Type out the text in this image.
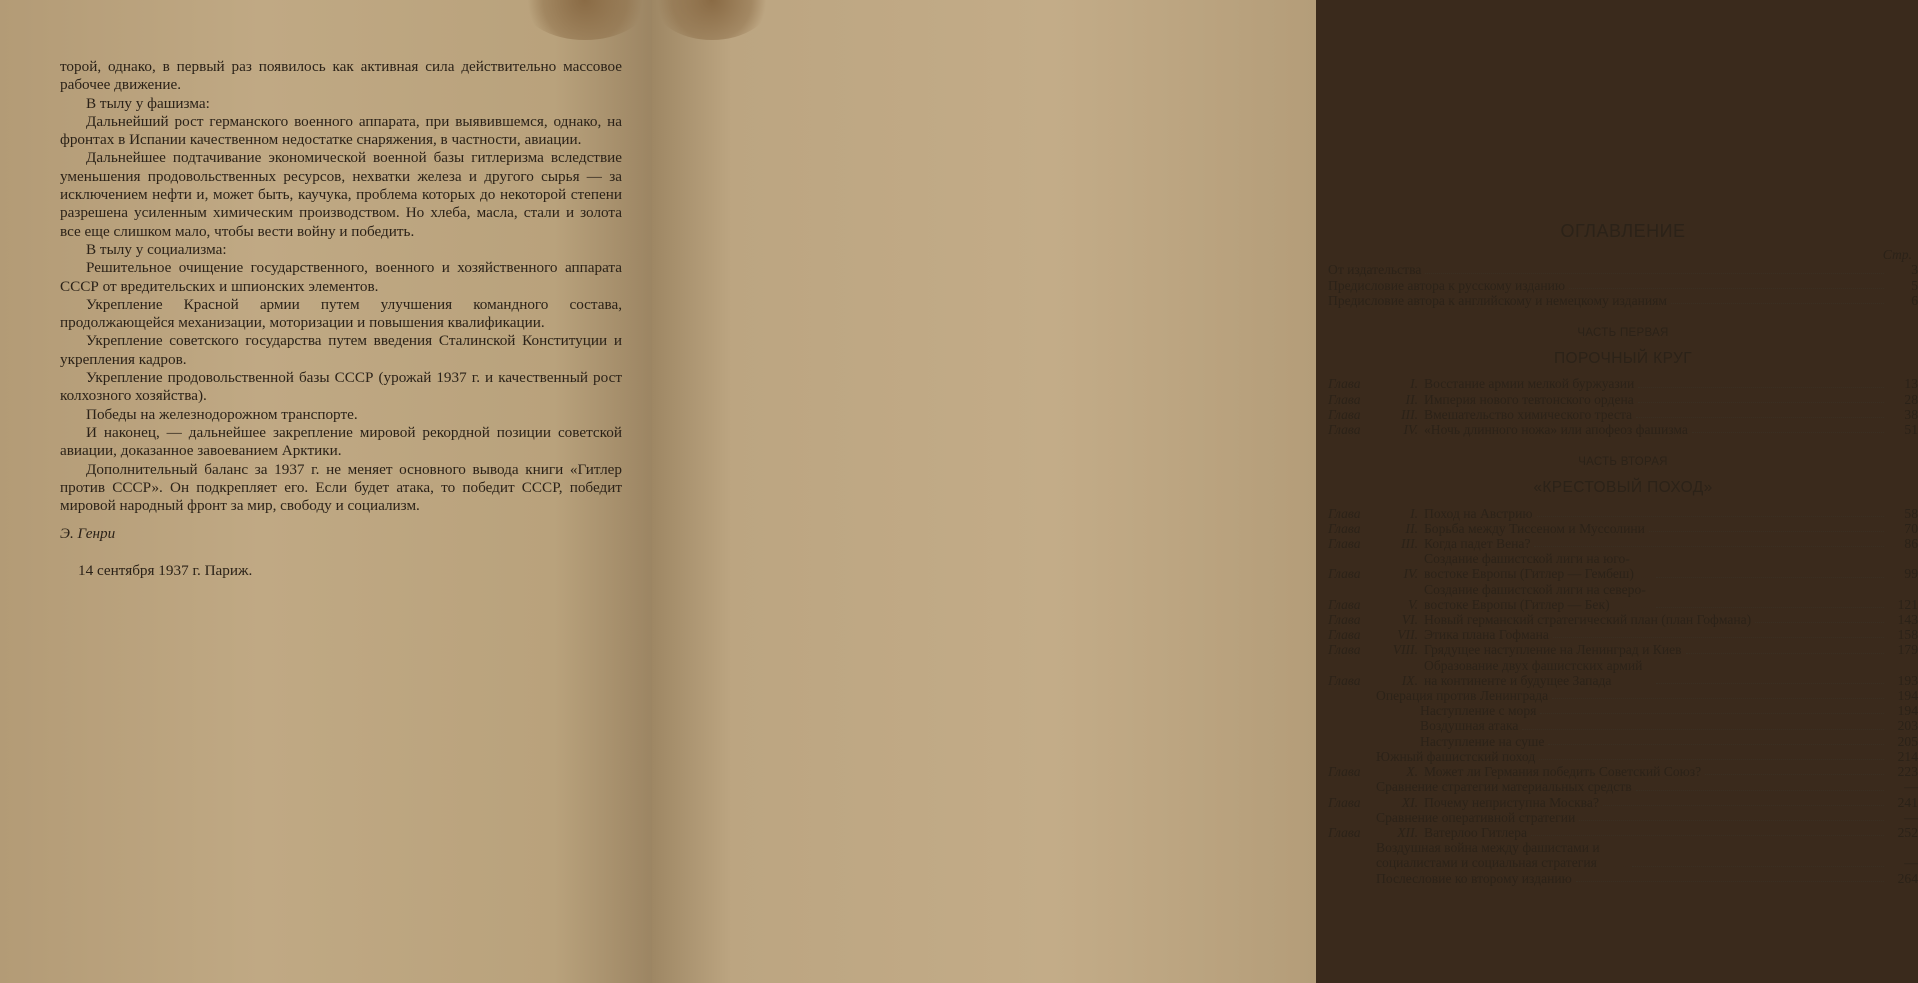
торой, однако, в первый раз появилось как активная сила действительно массовое рабочее движение.

В тылу у фашизма:

Дальнейший рост германского военного аппарата, при выявившемся, однако, на фронтах в Испании качественном недостатке снаряжения, в частности, авиации.

Дальнейшее подтачивание экономической военной базы гитлеризма вследствие уменьшения продовольственных ресурсов, нехватки железа и другого сырья — за исключением нефти и, может быть, каучука, проблема которых до некоторой степени разрешена усиленным химическим производством. Но хлеба, масла, стали и золота все еще слишком мало, чтобы вести войну и победить.

В тылу у социализма:

Решительное очищение государственного, военного и хозяйственного аппарата СССР от вредительских и шпионских элементов.

Укрепление Красной армии путем улучшения командного состава, продолжающейся механизации, моторизации и повышения квалификации.

Укрепление советского государства путем введения Сталинской Конституции и укрепления кадров.

Укрепление продовольственной базы СССР (урожай 1937 г. и качественный рост колхозного хозяйства).

Победы на железнодорожном транспорте.

И наконец, — дальнейшее закрепление мировой рекордной позиции советской авиации, доказанное завоеванием Арктики.

Дополнительный баланс за 1937 г. не меняет основного вывода книги «Гитлер против СССР». Он подкрепляет его. Если будет атака, то победит СССР, победит мировой народный фронт за мир, свободу и социализм.

Э. Генри

14 сентября 1937 г. Париж.

ОГЛАВЛЕНИЕ
Стр.
От издательства	3
Предисловие автора к русскому изданию	5
Предисловие автора к английскому и немецкому изданиям	6
ЧАСТЬ ПЕРВАЯ
ПОРОЧНЫЙ КРУГ
Глава	I. Восстание армии мелкой буржуазии	13
Глава	II. Империя нового тевтонского ордена	28
Глава	III. Вмешательство химического треста	38
Глава	IV. «Ночь длинного ножа» или апофеоз фашизма	51
ЧАСТЬ ВТОРАЯ
«КРЕСТОВЫЙ ПОХОД»
Глава	I. Поход на Австрию	58
Глава	II. Борьба между Тиссеном и Муссолини	70
Глава	III. Когда падет Вена?	86
Глава	IV.
Создание фашистской лиги на юго-востоке Европы (Гитлер — Гембеш)	99
Глава	V.
Создание фашистской лиги на северо-востоке Европы (Гитлер — Бек)	121
Глава	VI. Новый германский стратегический план (план Гофмана)	143
Глава	VII. Этика плана Гофмана	158
Глава	VIII. Грядущее наступление на Ленинград и Киев	179
Глава	IX.
Образование двух фашистских армий на континенте и будущее Запада	193
Операция против Ленинграда	194
Наступление с моря	194
Воздушная атака	203
Наступление на суше	205
Южный фашистский поход	214
Глава	X. Может ли Германия победить Советский Союз?	223
Сравнение стратегии материальных средств	—
Глава	XI. Почему неприступна Москва?	241
Сравнение оперативной стратегии	—
Глава	XII. Ватерлоо Гитлера	252
Воздушная война между фашистами и социалистами и социальная стратегия	—
Послесловие ко второму изданию	264
